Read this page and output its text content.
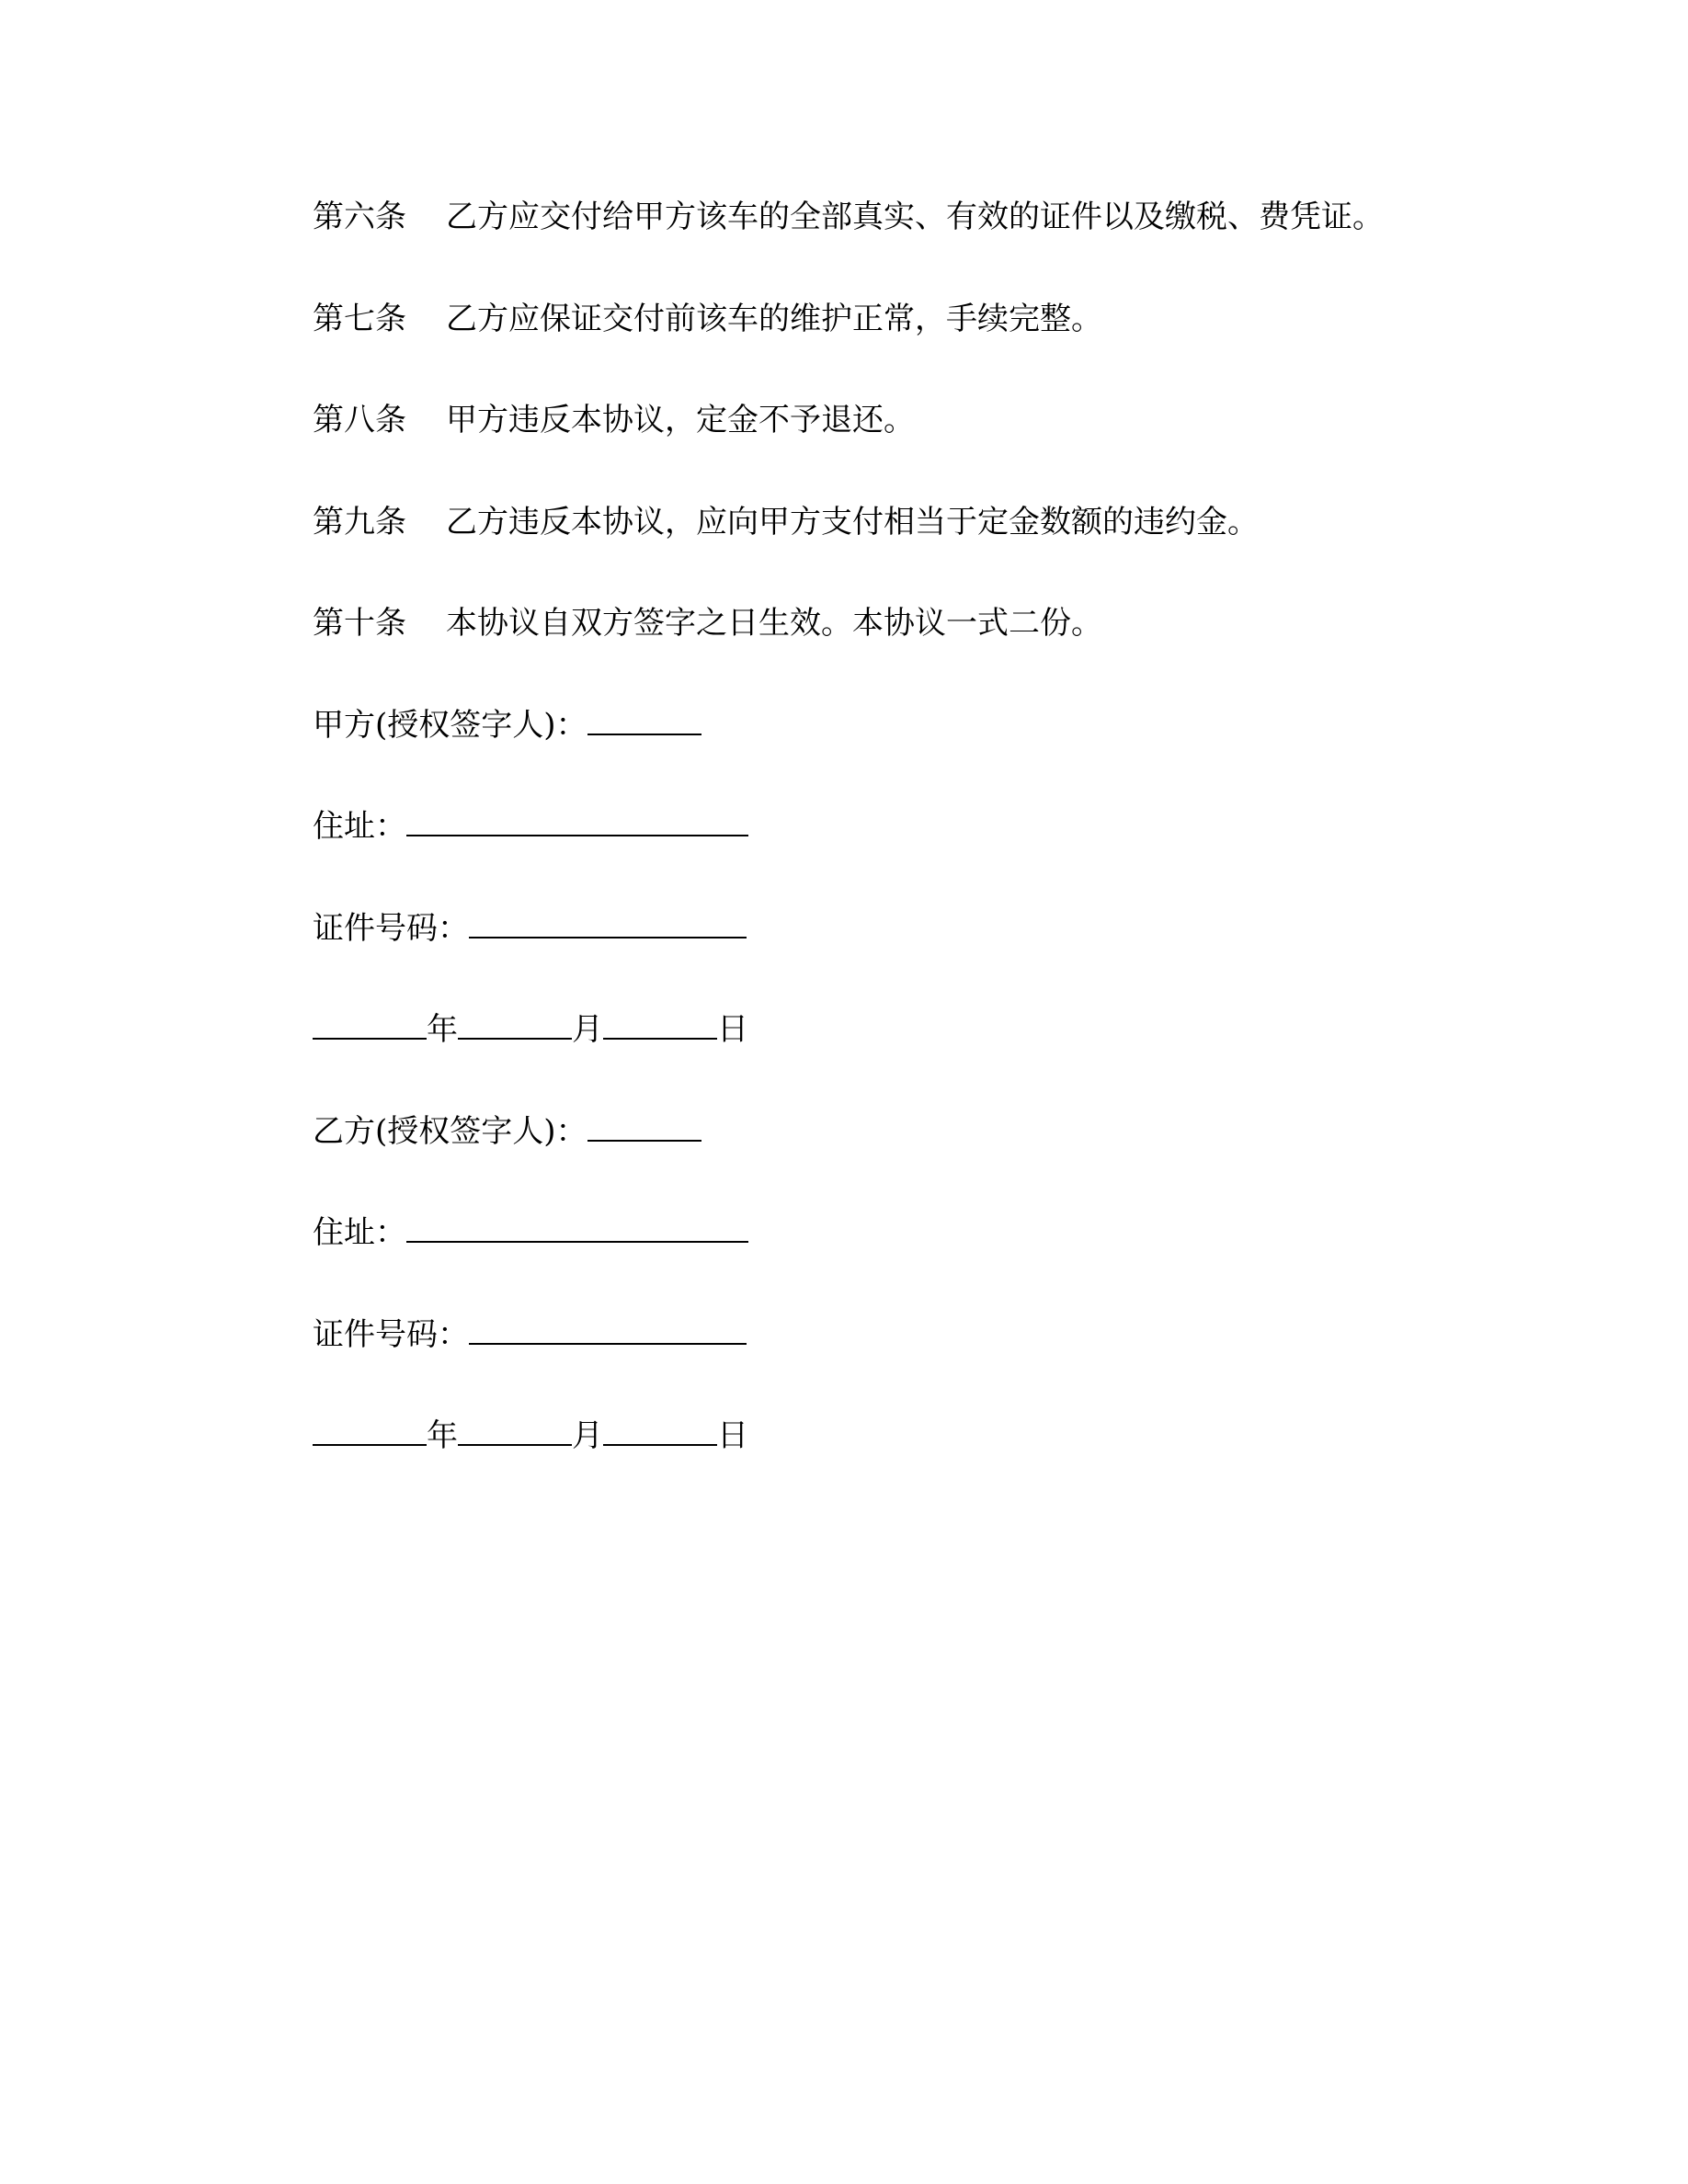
第六条 乙方应交付给甲方该车的全部真实、有效的证件以及缴税、费凭证。
第七条 乙方应保证交付前该车的维护正常，手续完整。
第八条 甲方违反本协议，定金不予退还。
第九条 乙方违反本协议，应向甲方支付相当于定金数额的违约金。
第十条 本协议自双方签字之日生效。本协议一式二份。
甲方(授权签字人)：
住址：
证件号码：
年	月	日
乙方(授权签字人)：
住址：
证件号码：
年	月	日
